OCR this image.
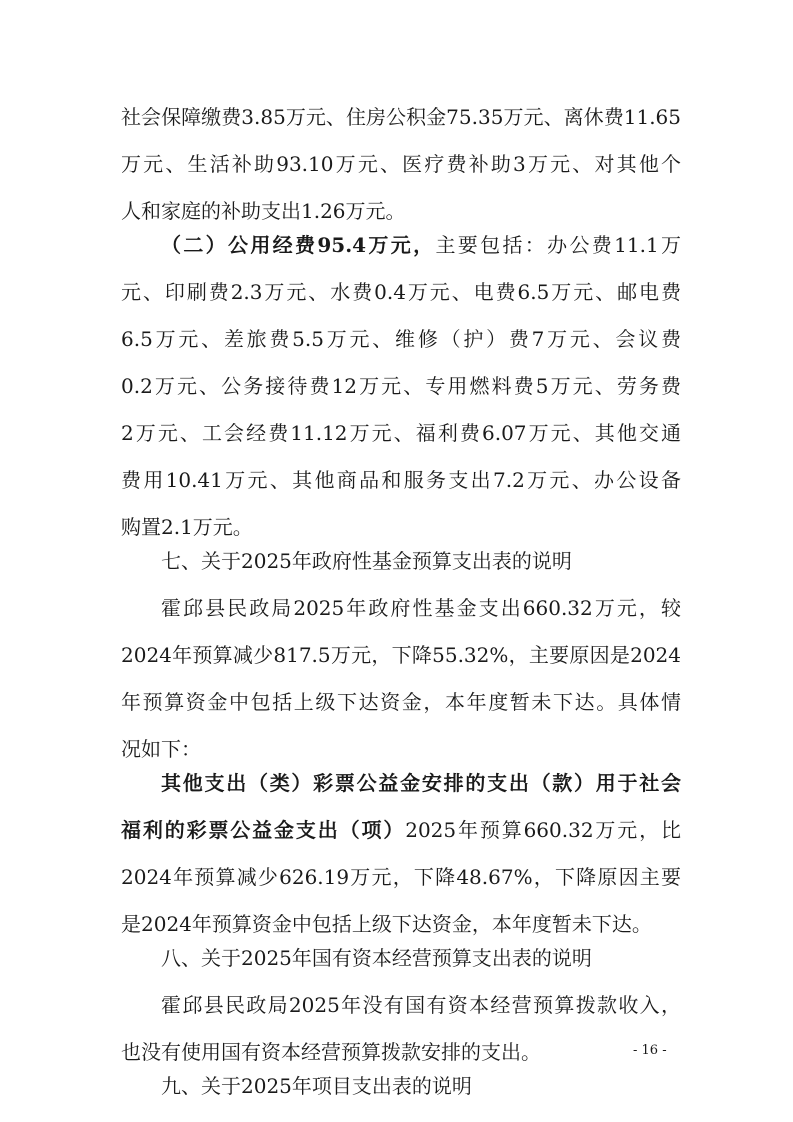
社会保障缴费3.85万元、住房公积金75.35万元、离休费11.65
万元、生活补助93.10万元、医疗费补助3万元、对其他个
人和家庭的补助支出1.26万元。
（二）公用经费95.4万元，主要包括：办公费11.1万
元、印刷费2.3万元、水费0.4万元、电费6.5万元、邮电费
6.5万元、差旅费5.5万元、维修（护）费7万元、会议费
0.2万元、公务接待费12万元、专用燃料费5万元、劳务费
2万元、工会经费11.12万元、福利费6.07万元、其他交通
费用10.41万元、其他商品和服务支出7.2万元、办公设备
购置2.1万元。
七、关于2025年政府性基金预算支出表的说明
霍邱县民政局2025年政府性基金支出660.32万元，较
2024年预算减少817.5万元，下降55.32%，主要原因是2024
年预算资金中包括上级下达资金，本年度暂未下达。具体情
况如下：
其他支出（类）彩票公益金安排的支出（款）用于社会
福利的彩票公益金支出（项）2025年预算660.32万元，比
2024年预算减少626.19万元，下降48.67%，下降原因主要
是2024年预算资金中包括上级下达资金，本年度暂未下达。
八、关于2025年国有资本经营预算支出表的说明
霍邱县民政局2025年没有国有资本经营预算拨款收入，
也没有使用国有资本经营预算拨款安排的支出。
九、关于2025年项目支出表的说明
- 16 -
